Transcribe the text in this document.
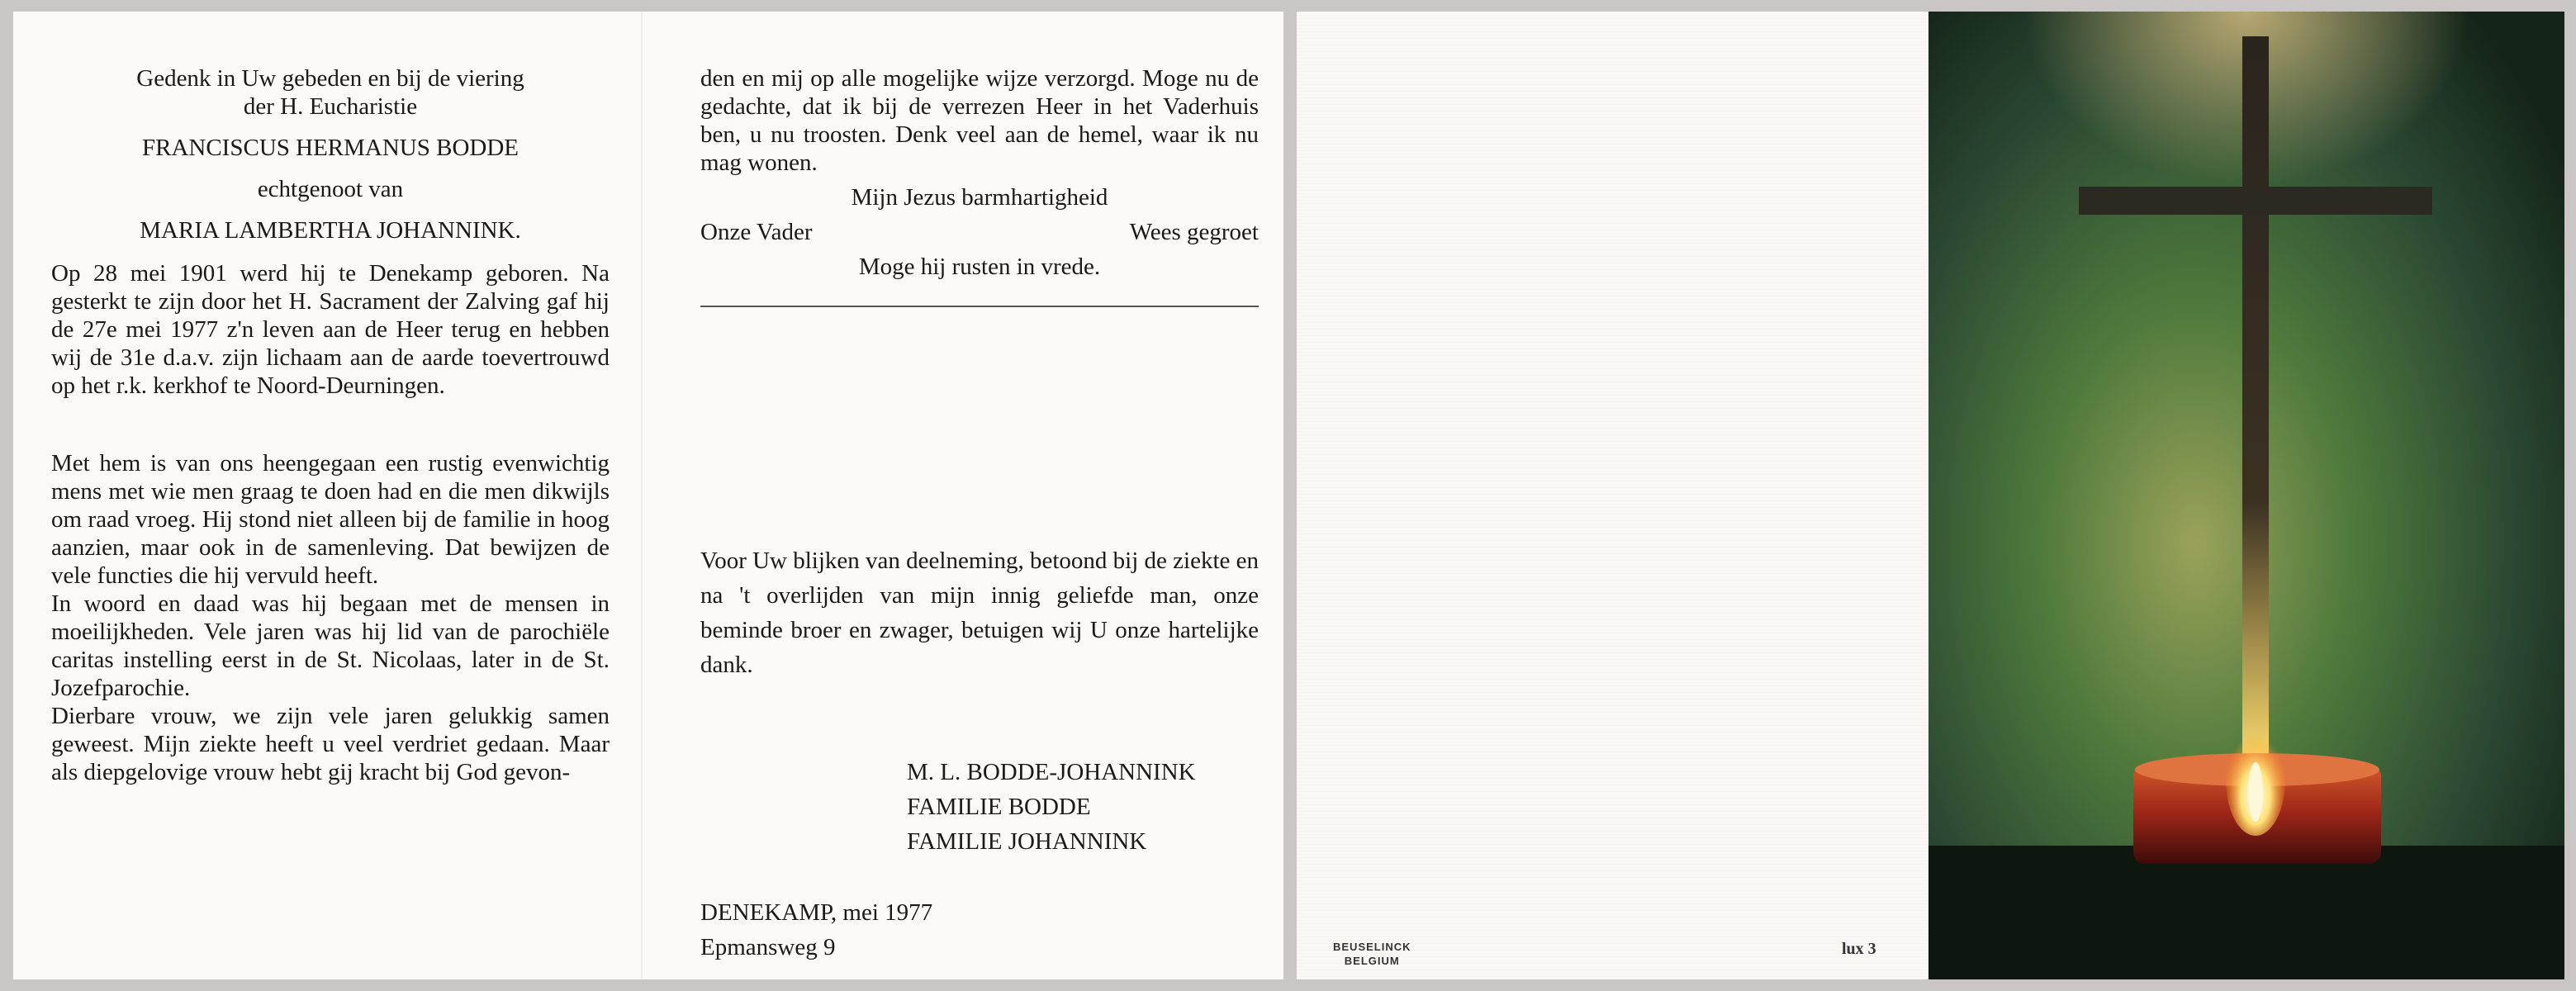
Gedenk in Uw gebeden en bij de viering

der H. Eucharistie

FRANCISCUS HERMANUS BODDE

echtgenoot van

MARIA LAMBERTHA JOHANNINK.

Op 28 mei 1901 werd hij te Denekamp geboren. Na gesterkt te zijn door het H. Sacrament der Zalving gaf hij de 27e mei 1977 z'n leven aan de Heer terug en hebben wij de 31e d.a.v. zijn lichaam aan de aarde toevertrouwd op het r.k. kerkhof te Noord-Deurningen.

Met hem is van ons heengegaan een rustig evenwichtig mens met wie men graag te doen had en die men dikwijls om raad vroeg. Hij stond niet alleen bij de familie in hoog aanzien, maar ook in de samenleving. Dat bewijzen de vele functies die hij vervuld heeft.

In woord en daad was hij begaan met de mensen in moeilijkheden. Vele jaren was hij lid van de parochiële caritas instelling eerst in de St. Nicolaas, later in de St. Jozefparochie.

Dierbare vrouw, we zijn vele jaren gelukkig samen geweest. Mijn ziekte heeft u veel verdriet gedaan. Maar als diepgelovige vrouw hebt gij kracht bij God gevon-

den en mij op alle mogelijke wijze verzorgd. Moge nu de gedachte, dat ik bij de verrezen Heer in het Vaderhuis ben, u nu troosten. Denk veel aan de hemel, waar ik nu mag wonen.

Mijn Jezus barmhartigheid

Onze Vader	Wees gegroet

Moge hij rusten in vrede.

Voor Uw blijken van deelneming, betoond bij de ziekte en na 't overlijden van mijn innig geliefde man, onze beminde broer en zwager, betuigen wij U onze hartelijke dank.

M. L. BODDE-JOHANNINK
FAMILIE BODDE
FAMILIE JOHANNINK
DENEKAMP, mei 1977
Epmansweg 9	BEUSELINCK
BELGIUM
lux 3
